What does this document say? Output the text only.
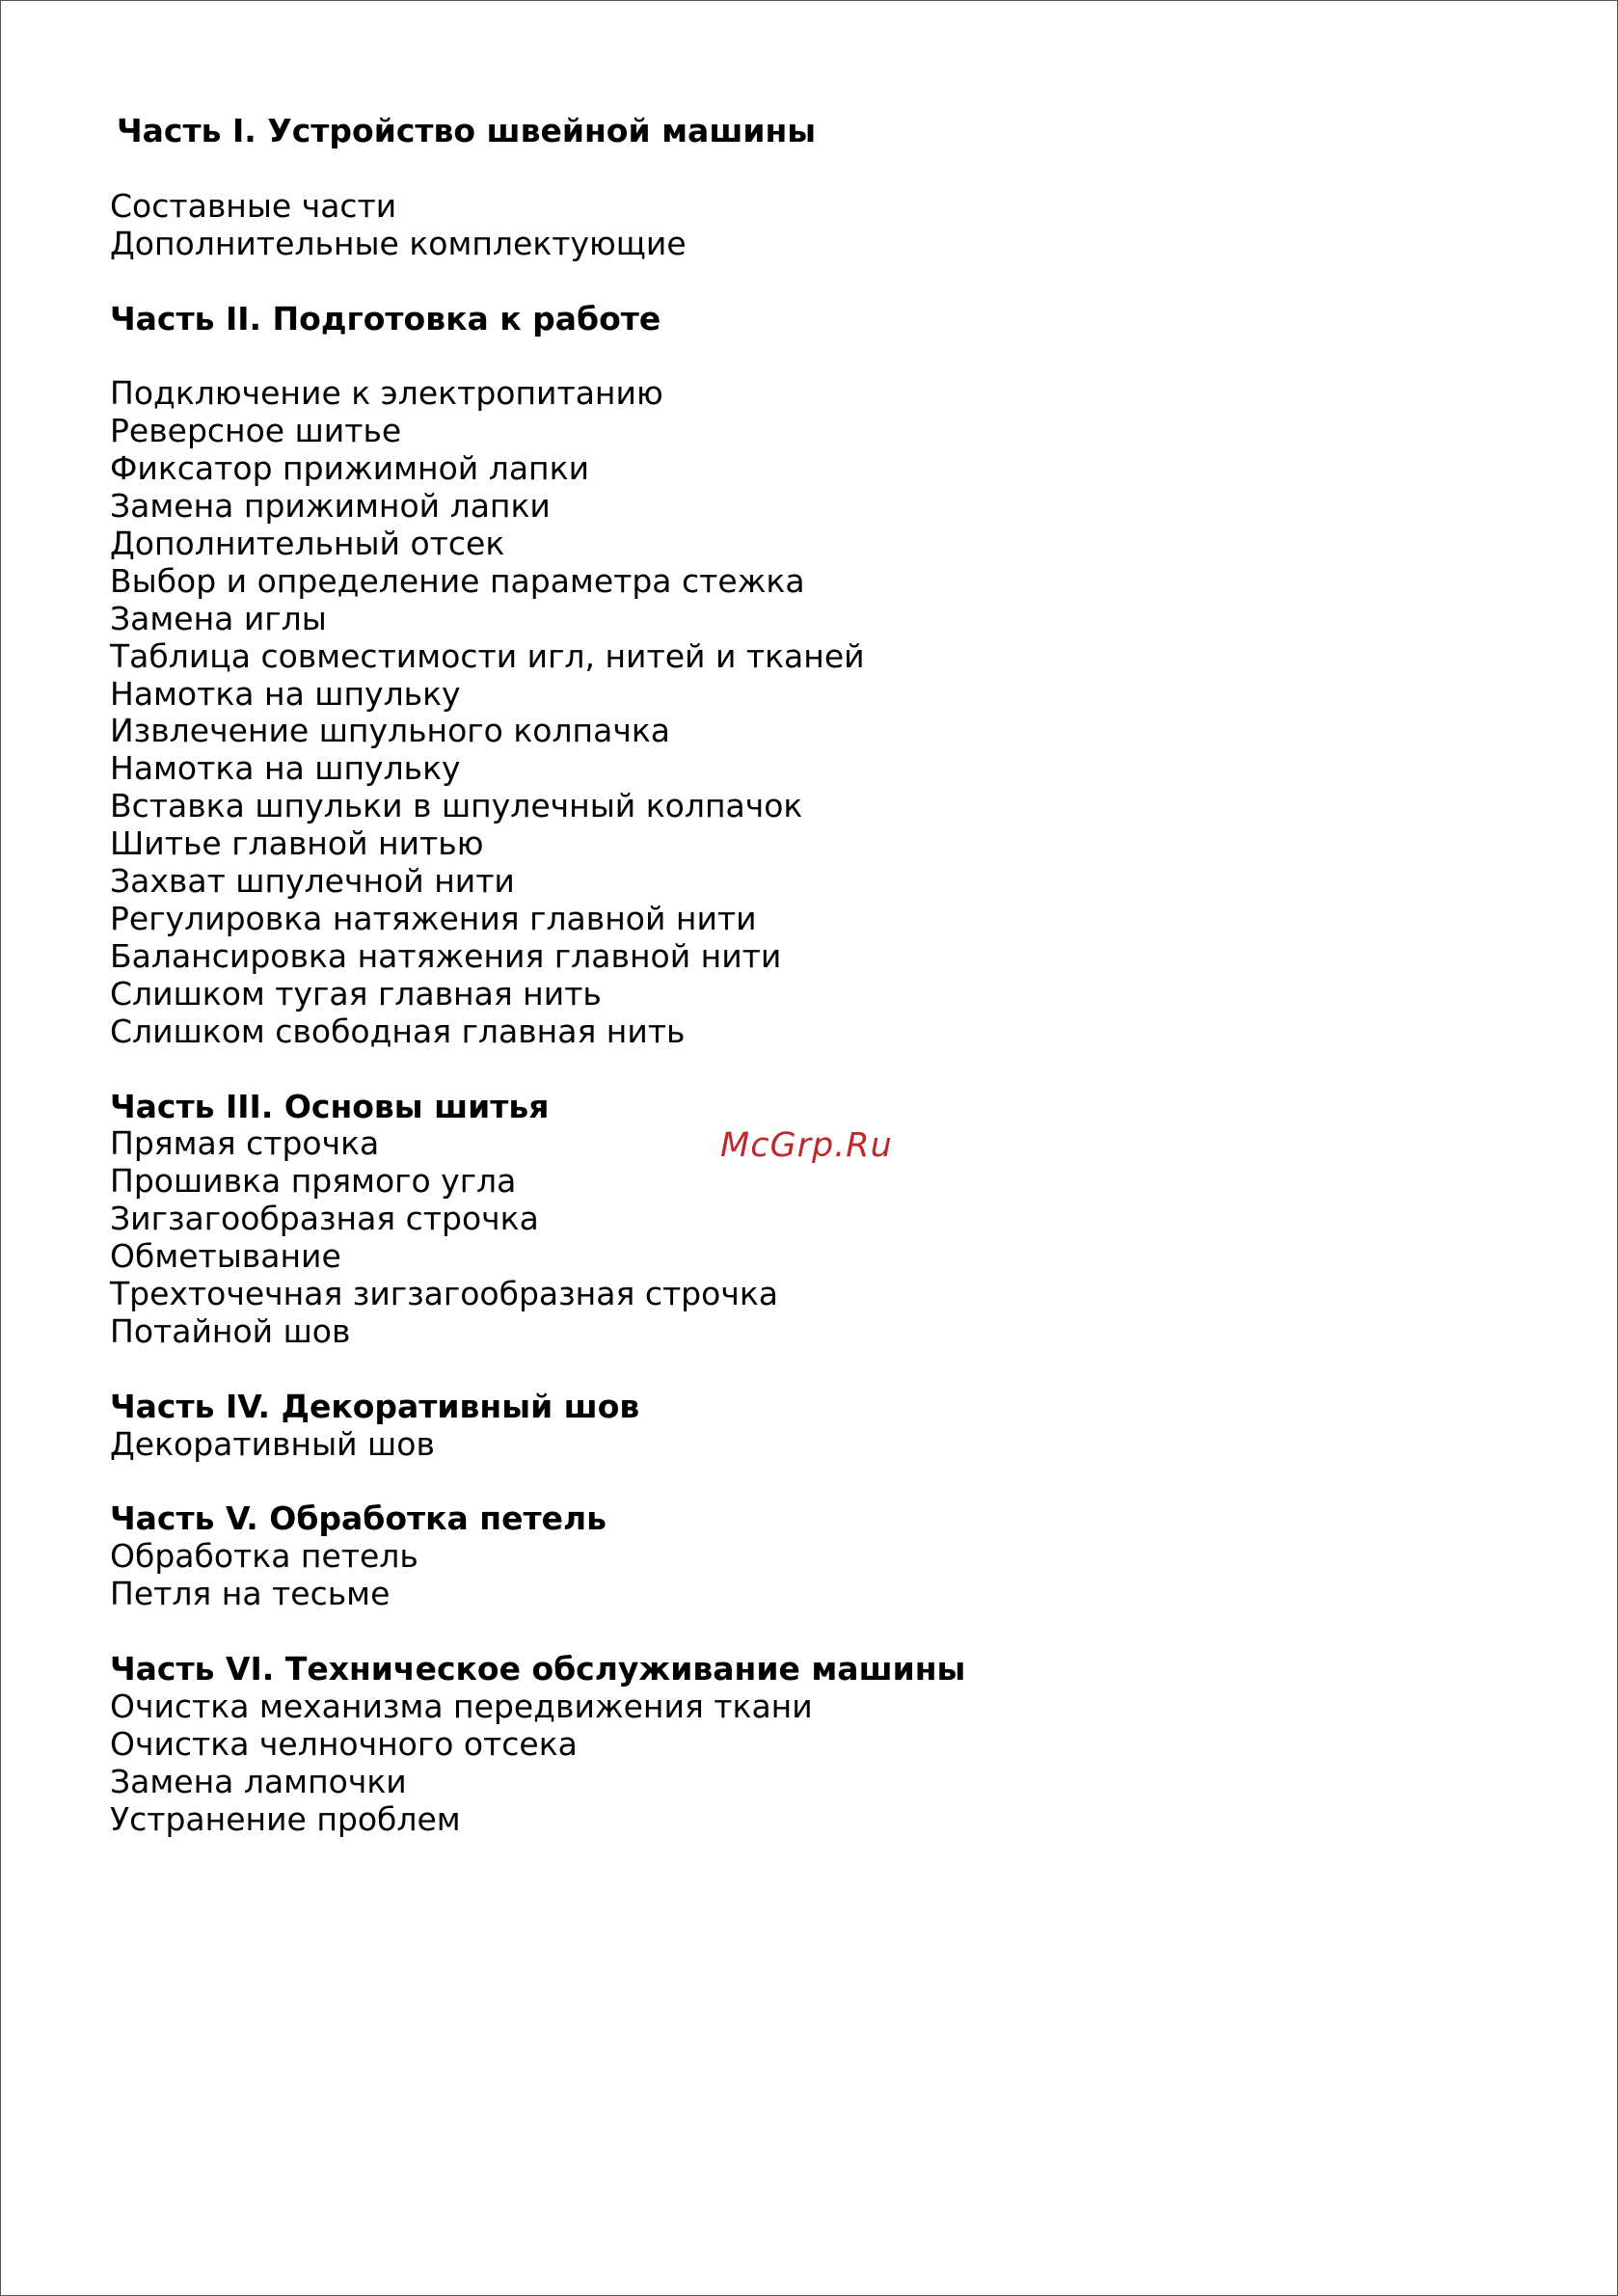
Часть I. Устройство швейной машины
Составные части
Дополнительные комплектующие
Часть II. Подготовка к работе
Подключение к электропитанию
Реверсное шитье
Фиксатор прижимной лапки
Замена прижимной лапки
Дополнительный отсек
Выбор и определение параметра стежка
Замена иглы
Таблица совместимости игл, нитей и тканей
Намотка на шпульку
Извлечение шпульного колпачка
Намотка на шпульку
Вставка шпульки в шпулечный колпачок
Шитье главной нитью
Захват шпулечной нити
Регулировка натяжения главной нити
Балансировка натяжения главной нити
Слишком тугая главная нить
Слишком свободная главная нить
Часть III. Основы шитья
Прямая строчка
Прошивка прямого угла
Зигзагообразная строчка
Обметывание
Трехточечная зигзагообразная строчка
Потайной шов
Часть IV. Декоративный шов
Декоративный шов
Часть V. Обработка петель
Обработка петель
Петля на тесьме
Часть VI. Техническое обслуживание машины
Очистка механизма передвижения ткани
Очистка челночного отсека
Замена лампочки
Устранение проблем
McGrp.Ru
